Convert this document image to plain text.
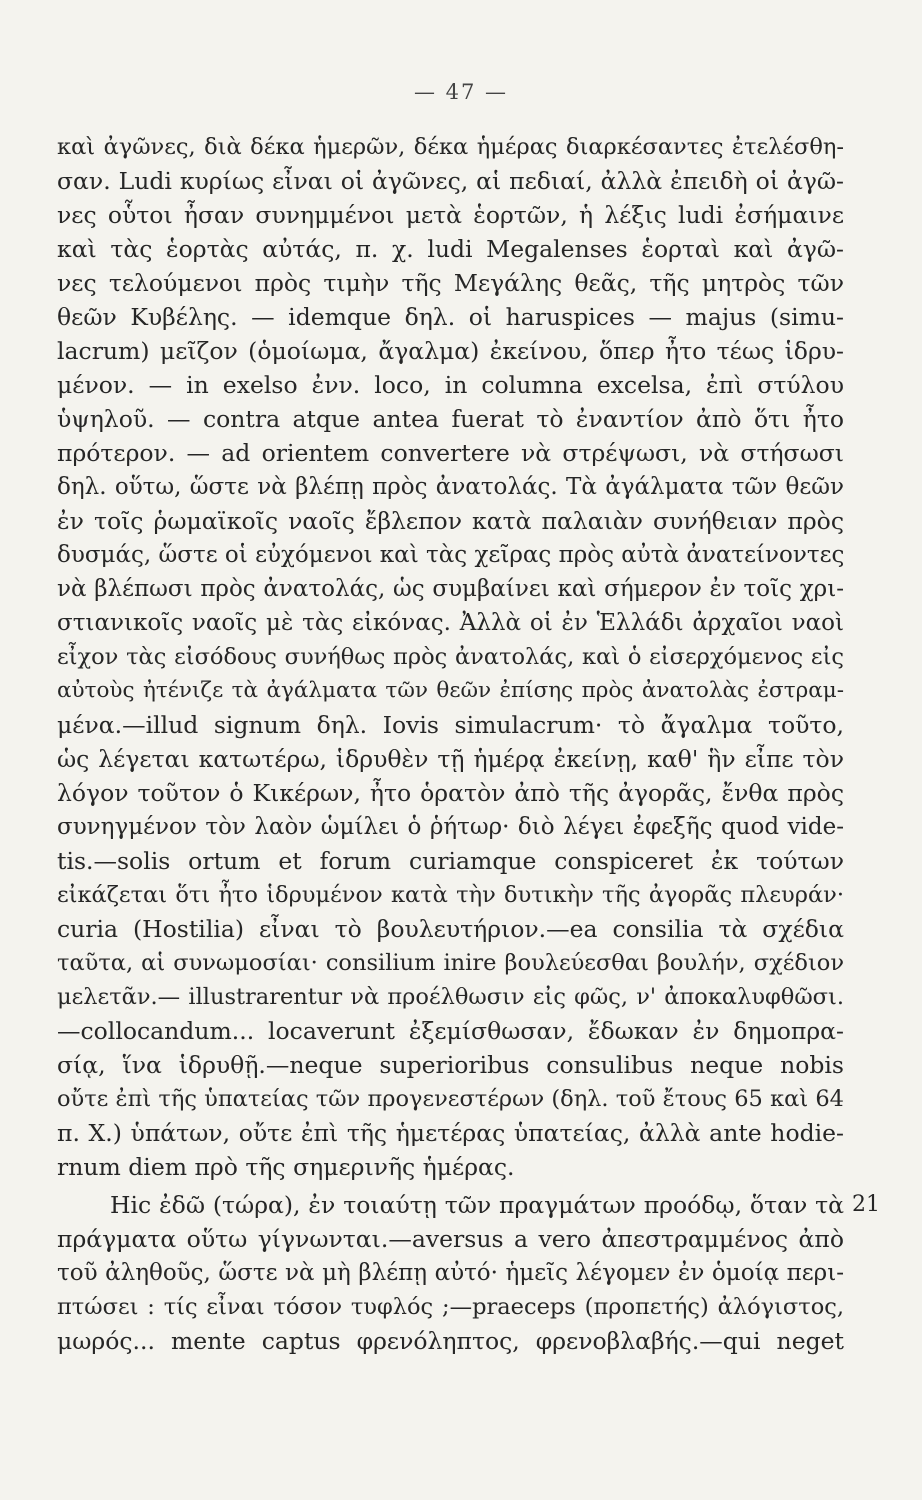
— 47 —
καὶ ἀγῶνες, διὰ δέκα ἡμερῶν, δέκα ἡμέρας διαρκέσαντες ἐτελέσθη-
σαν. Ludi κυρίως εἶναι οἱ ἀγῶνες, αἱ πεδιαί, ἀλλὰ ἐπειδὴ οἱ ἀγῶ-
νες οὗτοι ἦσαν συνημμένοι μετὰ ἑορτῶν, ἡ λέξις ludi ἐσήμαινε
καὶ τὰς ἑορτὰς αὐτάς, π. χ. ludi Megalenses ἑορταὶ καὶ ἀγῶ-
νες τελούμενοι πρὸς τιμὴν τῆς Μεγάλης θεᾶς, τῆς μητρὸς τῶν
θεῶν Κυβέλης. — idemque δηλ. οἱ haruspices — majus (simu-
lacrum) μεῖζον (ὁμοίωμα, ἄγαλμα) ἐκείνου, ὅπερ ἦτο τέως ἱδρυ-
μένον. — in exelso ἐνν. loco, in columna excelsa, ἐπὶ στύλου
ὑψηλοῦ. — contra atque antea fuerat τὸ ἐναντίον ἀπὸ ὅτι ἦτο
πρότερον. — ad orientem convertere νὰ στρέψωσι, νὰ στήσωσι
δηλ. οὕτω, ὥστε νὰ βλέπῃ πρὸς ἀνατολάς. Τὰ ἀγάλματα τῶν θεῶν
ἐν τοῖς ῥωμαϊκοῖς ναοῖς ἔβλεπον κατὰ παλαιὰν συνήθειαν πρὸς
δυσμάς, ὥστε οἱ εὐχόμενοι καὶ τὰς χεῖρας πρὸς αὐτὰ ἀνατείνοντες
νὰ βλέπωσι πρὸς ἀνατολάς, ὡς συμβαίνει καὶ σήμερον ἐν τοῖς χρι-
στιανικοῖς ναοῖς μὲ τὰς εἰκόνας. Ἀλλὰ οἱ ἐν Ἑλλάδι ἀρχαῖοι ναοὶ
εἶχον τὰς εἰσόδους συνήθως πρὸς ἀνατολάς, καὶ ὁ εἰσερχόμενος εἰς
αὐτοὺς ἠτένιζε τὰ ἀγάλματα τῶν θεῶν ἐπίσης πρὸς ἀνατολὰς ἐστραμ-
μένα.—illud signum δηλ. Iovis simulacrum· τὸ ἄγαλμα τοῦτο,
ὡς λέγεται κατωτέρω, ἱδρυθὲν τῇ ἡμέρᾳ ἐκείνῃ, καθ' ἣν εἶπε τὸν
λόγον τοῦτον ὁ Κικέρων, ἦτο ὁρατὸν ἀπὸ τῆς ἀγορᾶς, ἔνθα πρὸς
συνηγμένον τὸν λαὸν ὡμίλει ὁ ῥήτωρ· διὸ λέγει ἐφεξῆς quod vide-
tis.—solis ortum et forum curiamque conspiceret ἐκ τούτων
εἰκάζεται ὅτι ἦτο ἱδρυμένον κατὰ τὴν δυτικὴν τῆς ἀγορᾶς πλευράν·
curia (Hostilia) εἶναι τὸ βουλευτήριον.—ea consilia τὰ σχέδια
ταῦτα, αἱ συνωμοσίαι· consilium inire βουλεύεσθαι βουλήν, σχέδιον
μελετᾶν.— illustrarentur νὰ προέλθωσιν εἰς φῶς, ν' ἀποκαλυφθῶσι.
—collocandum... locaverunt ἐξεμίσθωσαν, ἔδωκαν ἐν δημοπρα-
σίᾳ, ἵνα ἱδρυθῇ.—neque superioribus consulibus neque nobis
οὔτε ἐπὶ τῆς ὑπατείας τῶν προγενεστέρων (δηλ. τοῦ ἔτους 65 καὶ 64
π. Χ.) ὑπάτων, οὔτε ἐπὶ τῆς ἡμετέρας ὑπατείας, ἀλλὰ ante hodie-
rnum diem πρὸ τῆς σημερινῆς ἡμέρας.
Hic ἐδῶ (τώρα), ἐν τοιαύτῃ τῶν πραγμάτων προόδῳ, ὅταν τὰ
πράγματα οὕτω γίγνωνται.—aversus a vero ἀπεστραμμένος ἀπὸ
τοῦ ἀληθοῦς, ὥστε νὰ μὴ βλέπῃ αὐτό· ἡμεῖς λέγομεν ἐν ὁμοίᾳ περι-
πτώσει : τίς εἶναι τόσον τυφλός ;—praeceps (προπετής) ἀλόγιστος,
μωρός... mente captus φρενόληπτος, φρενοβλαβής.—qui neget
21
